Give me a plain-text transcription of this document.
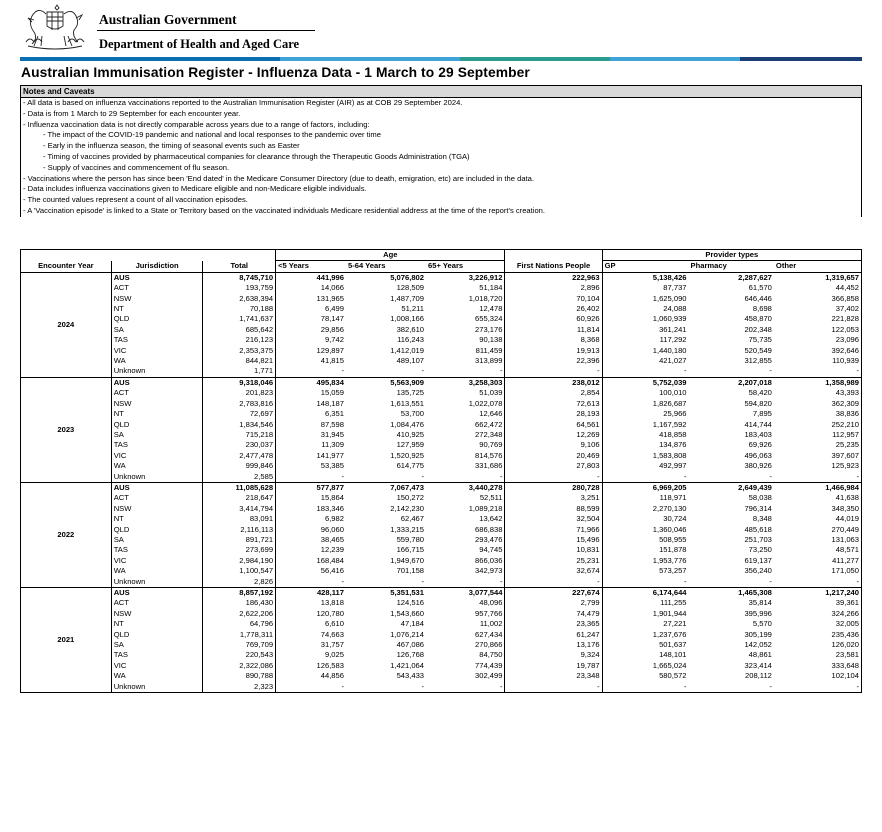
Australian Government
Department of Health and Aged Care
Australian Immunisation Register - Influenza Data - 1 March to 29 September
Notes and Caveats
- All data is based on influenza vaccinations reported to the Australian Immunisation Register (AIR) as at COB 29 September 2024.
- Data is from 1 March to 29 September for each encounter year.
- Influenza vaccination data is not directly comparable across years due to a range of factors, including:
- The impact of the COVID-19 pandemic and national and local responses to the pandemic over time
- Early in the influenza season, the timing of seasonal events such as Easter
- Timing of vaccines provided by pharmaceutical companies for clearance through the Therapeutic Goods Administration (TGA)
- Supply of vaccines and commencement of flu season.
- Vaccinations where the person has since been 'End dated' in the Medicare Consumer Directory (due to death, emigration, etc) are included in the data.
- Data includes influenza vaccinations given to Medicare eligible and non-Medicare eligible individuals.
- The counted values represent a count of all vaccination episodes.
- A 'Vaccination episode' is linked to a State or Territory based on the vaccinated individuals Medicare residential address at the time of the report's creation.
			Age				Provider types		
Encounter Year	Jurisdiction	Total	<5 Years	5-64 Years	65+ Years	First Nations People	GP	Pharmacy	Other
2024	AUS	8,745,710	441,996	5,076,802	3,226,912	222,963	5,138,426	2,287,627	1,319,657
	ACT	193,759	14,066	128,509	51,184	2,896	87,737	61,570	44,452
	NSW	2,638,394	131,965	1,487,709	1,018,720	70,104	1,625,090	646,446	366,858
	NT	70,188	6,499	51,211	12,478	26,402	24,088	8,698	37,402
	QLD	1,741,637	78,147	1,008,166	655,324	60,926	1,060,939	458,870	221,828
	SA	685,642	29,856	382,610	273,176	11,814	361,241	202,348	122,053
	TAS	216,123	9,742	116,243	90,138	8,368	117,292	75,735	23,096
	VIC	2,353,375	129,897	1,412,019	811,459	19,913	1,440,180	520,549	392,646
	WA	844,821	41,815	489,107	313,899	22,396	421,027	312,855	110,939
	Unknown	1,771	-	-	-	-	-	-	-
2023	AUS	9,318,046	495,834	5,563,909	3,258,303	238,012	5,752,039	2,207,018	1,358,989
	ACT	201,823	15,059	135,725	51,039	2,854	100,010	58,420	43,393
	NSW	2,783,816	148,187	1,613,551	1,022,078	72,613	1,826,687	594,820	362,309
	NT	72,697	6,351	53,700	12,646	28,193	25,966	7,895	38,836
	QLD	1,834,546	87,598	1,084,476	662,472	64,561	1,167,592	414,744	252,210
	SA	715,218	31,945	410,925	272,348	12,269	418,858	183,403	112,957
	TAS	230,037	11,309	127,959	90,769	9,106	134,876	69,926	25,235
	VIC	2,477,478	141,977	1,520,925	814,576	20,469	1,583,808	496,063	397,607
	WA	999,846	53,385	614,775	331,686	27,803	492,997	380,926	125,923
	Unknown	2,585	-	-	-	-	-	-	-
2022	AUS	11,085,628	577,877	7,067,473	3,440,278	280,728	6,969,205	2,649,439	1,466,984
	ACT	218,647	15,864	150,272	52,511	3,251	118,971	58,038	41,638
	NSW	3,414,794	183,346	2,142,230	1,089,218	88,599	2,270,130	796,314	348,350
	NT	83,091	6,982	62,467	13,642	32,504	30,724	8,348	44,019
	QLD	2,116,113	96,060	1,333,215	686,838	71,966	1,360,046	485,618	270,449
	SA	891,721	38,465	559,780	293,476	15,496	508,955	251,703	131,063
	TAS	273,699	12,239	166,715	94,745	10,831	151,878	73,250	48,571
	VIC	2,984,190	168,484	1,949,670	866,036	25,231	1,953,776	619,137	411,277
	WA	1,100,547	56,416	701,158	342,973	32,674	573,257	356,240	171,050
	Unknown	2,826	-	-	-	-	-	-	-
2021	AUS	8,857,192	428,117	5,351,531	3,077,544	227,674	6,174,644	1,465,308	1,217,240
	ACT	186,430	13,818	124,516	48,096	2,799	111,255	35,814	39,361
	NSW	2,622,206	120,780	1,543,660	957,766	74,479	1,901,944	395,996	324,266
	NT	64,796	6,610	47,184	11,002	23,365	27,221	5,570	32,005
	QLD	1,778,311	74,663	1,076,214	627,434	61,247	1,237,676	305,199	235,436
	SA	769,709	31,757	467,086	270,866	13,176	501,637	142,052	126,020
	TAS	220,543	9,025	126,768	84,750	9,324	148,101	48,861	23,581
	VIC	2,322,086	126,583	1,421,064	774,439	19,787	1,665,024	323,414	333,648
	WA	890,788	44,856	543,433	302,499	23,348	580,572	208,112	102,104
	Unknown	2,323	-	-	-	-	-	-	-
